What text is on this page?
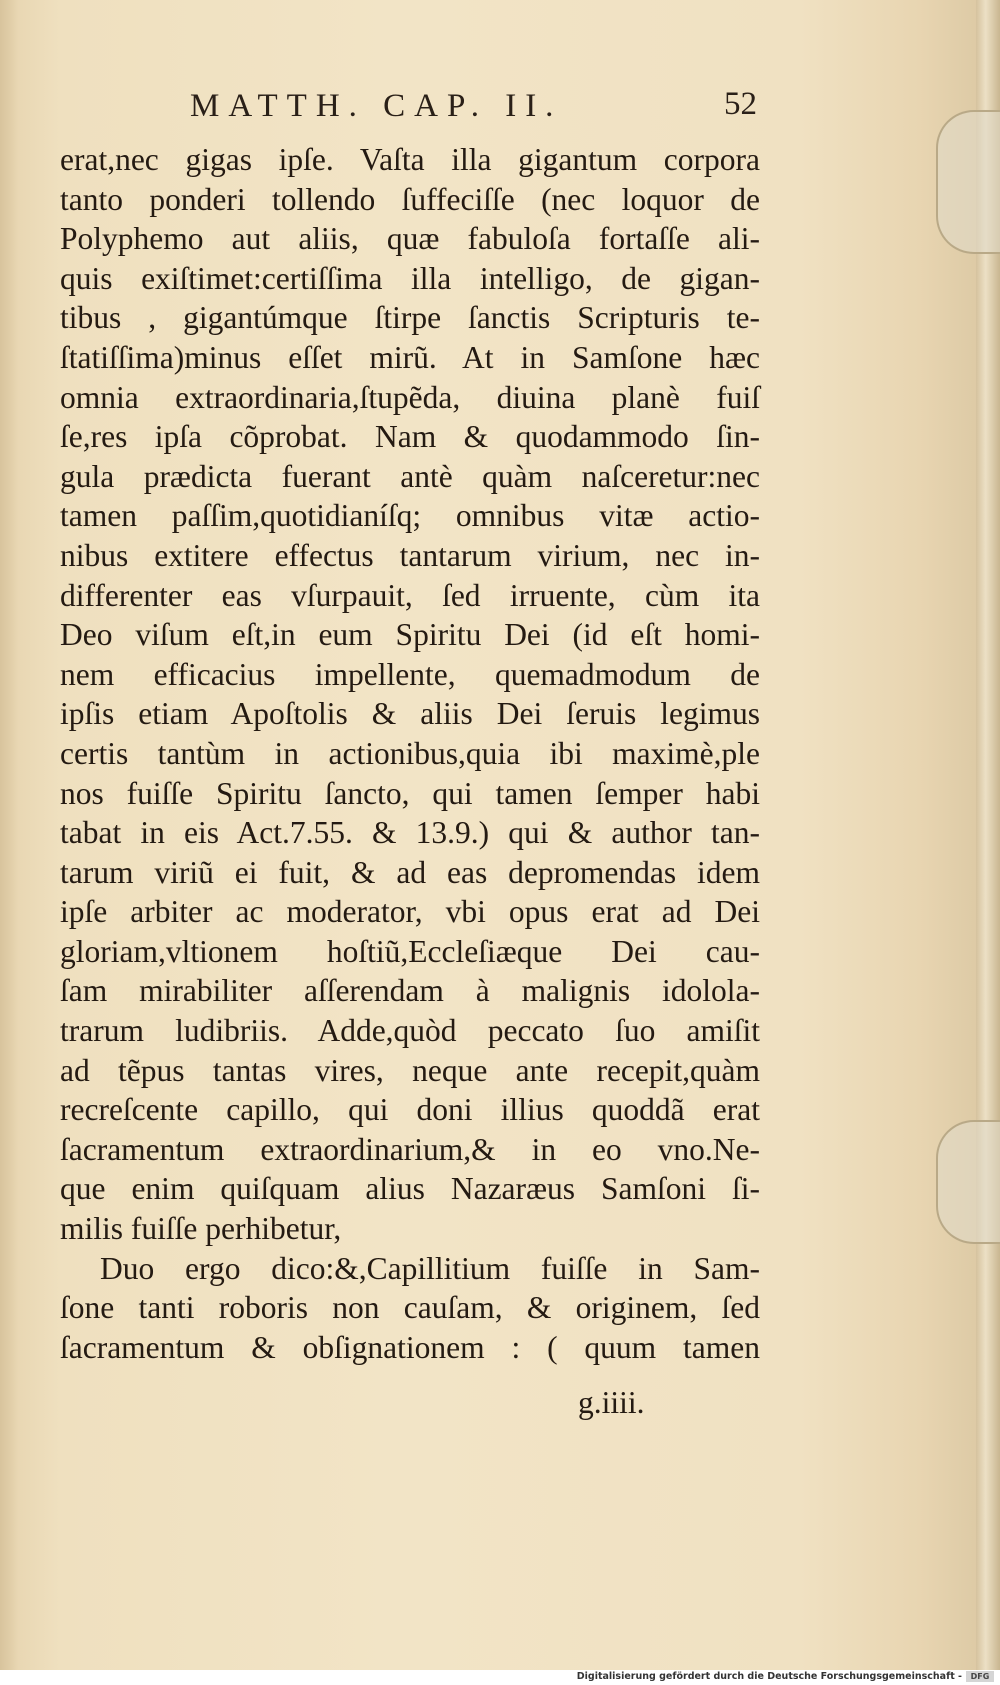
MATTH. CAP. II.	52
erat,nec gigas ipſe. Vaſta illa gigantum corpora
tanto ponderi tollendo ſuffeciſſe (nec loquor de
Polyphemo aut aliis, quæ fabuloſa fortaſſe ali-
quis exiſtimet:certiſſima illa intelligo, de gigan-
tibus , gigantúmque ſtirpe ſanctis Scripturis te-
ſtatiſſima)minus eſſet mirũ. At in Samſone hæc
omnia extraordinaria,ſtupẽda, diuina planè fuiſ
ſe,res ipſa cõprobat. Nam & quodammodo ſin-
gula prædicta fuerant antè quàm naſceretur:nec
tamen paſſim,quotidianíſq; omnibus vitæ actio-
nibus extitere effectus tantarum virium, nec in-
differenter eas vſurpauit, ſed irruente, cùm ita
Deo viſum eſt,in eum Spiritu Dei (id eſt homi-
nem efficacius impellente, quemadmodum de
ipſis etiam Apoſtolis & aliis Dei ſeruis legimus
certis tantùm in actionibus,quia ibi maximè,ple
nos fuiſſe Spiritu ſancto, qui tamen ſemper habi
tabat in eis Act.7.55. & 13.9.) qui & author tan-
tarum viriũ ei fuit, & ad eas depromendas idem
ipſe arbiter ac moderator, vbi opus erat ad Dei
gloriam,vltionem hoſtiũ,Eccleſiæque Dei cau-
ſam mirabiliter aſſerendam à malignis idolola-
trarum ludibriis. Adde,quòd peccato ſuo amiſit
ad tẽpus tantas vires, neque ante recepit,quàm
recreſcente capillo, qui doni illius quoddã erat
ſacramentum extraordinarium,& in eo vno.Ne-
que enim quiſquam alius Nazaræus Samſoni ſi-
milis fuiſſe perhibetur,
Duo ergo dico:&,Capillitium fuiſſe in Sam-
ſone tanti roboris non cauſam, & originem, ſed
ſacramentum & obſignationem : ( quum tamen
g.iiii.
Digitalisierung gefördert durch die Deutsche Forschungsgemeinschaft -	DFG
